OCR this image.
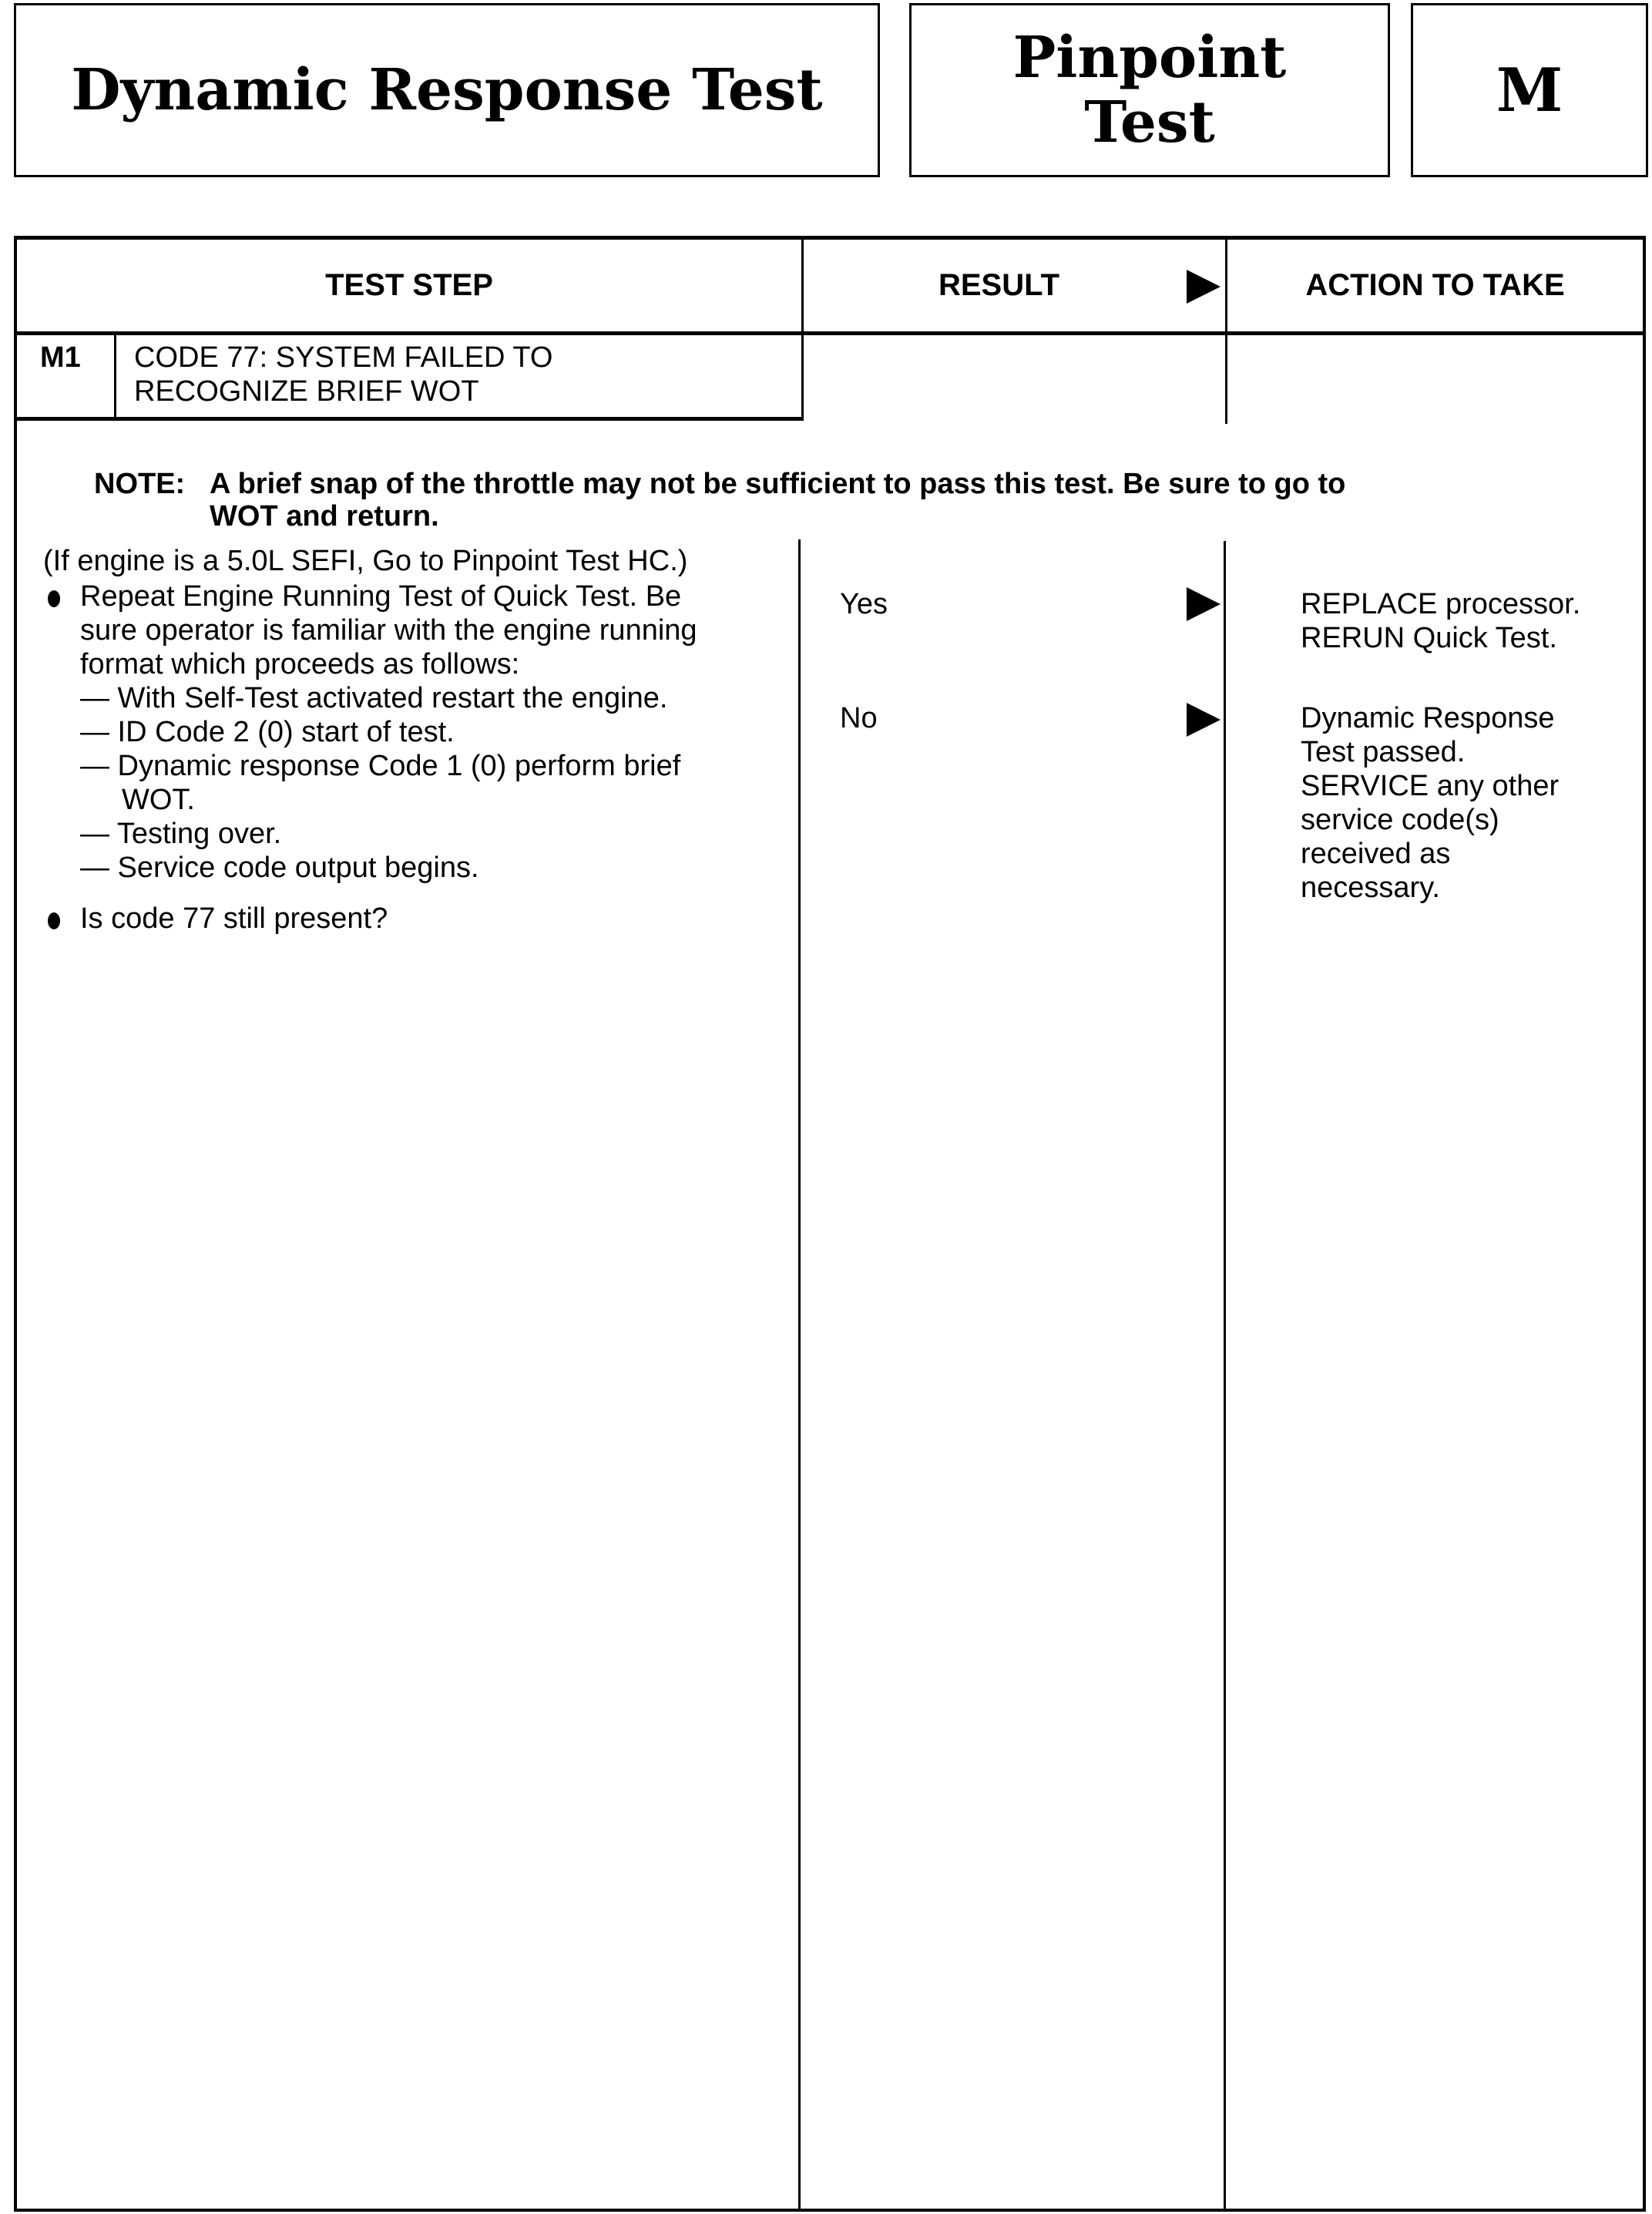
Dynamic Response Test	Pinpoint Test	M
TEST STEP	RESULT	ACTION TO TAKE
M1 CODE 77: SYSTEM FAILED TO
RECOGNIZE BRIEF WOT
NOTE: A brief snap of the throttle may not be sufficient to pass this test. Be sure to go to
WOT and return.
(If engine is a 5.0L SEFI, Go to Pinpoint Test HC.)
Repeat Engine Running Test of Quick Test. Be
sure operator is familiar with the engine running
format which proceeds as follows:
— With Self-Test activated restart the engine.
— ID Code 2 (0) start of test.
— Dynamic response Code 1 (0) perform brief
WOT.
— Testing over.
— Service code output begins.
Is code 77 still present?
Yes	REPLACE processor.
RERUN Quick Test.
No	Dynamic Response
Test passed.
SERVICE any other
service code(s)
received as
necessary.
